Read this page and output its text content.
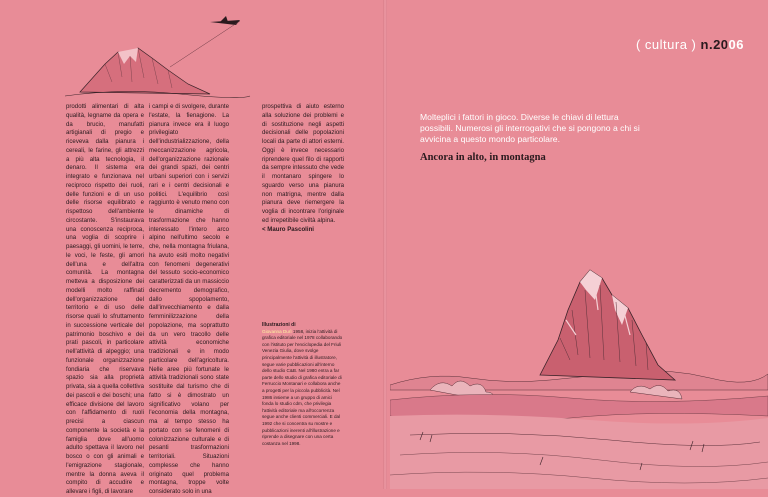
prodotti alimentari di alta qualità, legname da opera e da brucio, manufatti artigianali di pregio e riceveva dalla pianura i cereali, le farine, gli attrezzi a più alta tecnologia, il denaro. Il sistema era integrato e funzionava nel reciproco rispetto dei ruoli, delle funzioni e di un uso delle risorse equilibrato e rispettoso dell'ambiente circostante. S'instaurava una conoscenza reciproca, una voglia di scoprire i paesaggi, gli uomini, le terre, le voci, le feste, gli amori dell'una e dell'altra comunità. La montagna metteva a disposizione dei modelli molto raffinati dell'organizzazione del territorio e di uso delle risorse quali lo sfruttamento in successione verticale del patrimonio boschivo e dei prati pascoli, in particolare nell'attività di alpeggio; una funzionale organizzazione fondiaria che riservava spazio sia alla proprietà privata, sia a quella collettiva dei pascoli e dei boschi; una efficace divisione del lavoro con l'affidamento di ruoli precisi a ciascun componente la società e la famiglia dove all'uomo adulto spettava il lavoro nel bosco o con gli animali e l'emigrazione stagionale, mentre la donna aveva il compito di accudire e allevare i figli, di lavorare

i campi e di svolgere, durante l'estate, la fienagione. La pianura invece era il luogo privilegiato dell'industrializzazione, della meccanizzazione agricola, dell'organizzazione razionale dei grandi spazi, dei centri urbani superiori con i servizi rari e i centri decisionali e politici. L'equilibrio così raggiunto è venuto meno con le dinamiche di trasformazione che hanno interessato l'intero arco alpino nell'ultimo secolo e che, nella montagna friulana, ha avuto esiti molto negativi con fenomeni degenerativi del tessuto socio-economico caratterizzati da un massiccio decremento demografico, dallo spopolamento, dall'invecchiamento e dalla femminilizzazione della popolazione, ma soprattutto da un vero tracollo delle attività economiche tradizionali e in modo particolare dell'agricoltura. Nelle aree più fortunate le attività tradizionali sono state sostituite dal turismo che di fatto si è dimostrato un significativo volano per l'economia della montagna, ma al tempo stesso ha portato con se fenomeni di colonizzazione culturale e di pesanti trasformazioni territoriali. Situazioni complesse che hanno originato quel problema montagna, troppe volte considerato solo in una

prospettiva di aiuto esterno alla soluzione dei problemi e di sostituzione negli aspetti decisionali delle popolazioni locali da parte di attori esterni. Oggi è invece necessario riprendere quel filo di rapporti da sempre intessuto che vede il montanaro spingere lo sguardo verso una pianura non matrigna, mentre dalla pianura deve riemergere la voglia di incontrare l'originale ed irrepetibile civiltà alpina.

< Mauro Pascolini

Illustrazioni di
Giovanna Durì 1958, inizia l'attività di grafica editoriale nel 1978 collaborando con l'istituto per l'enciclopedia del Friuli Venezia Giulia, dove svolge principalmente l'attività di illustratore, segue varie pubblicazioni all'interno dello studio C&B. Nel 1980 entra a far parte dello studio di grafica editoriale di Ferruccio Montanari e collabora anche a progetti per la piccola pubblicità. Nel 1986 insieme a un gruppo di amici fonda lo studio cdm, che privilegia l'attività editoriale ma all'occorrenza segue anche clienti commerciali. E dal 1992 che si concentra su mostre e pubblicazioni inerenti all'illustrazione e riprende a disegnare con una certa costanza nel 1998.
( cultura ) n.2006
Molteplici i fattori in gioco. Diverse le chiavi di lettura possibili. Numerosi gli interrogativi che si pongono a chi si avvicina a questo mondo particolare.
Ancora in alto, in montagna
